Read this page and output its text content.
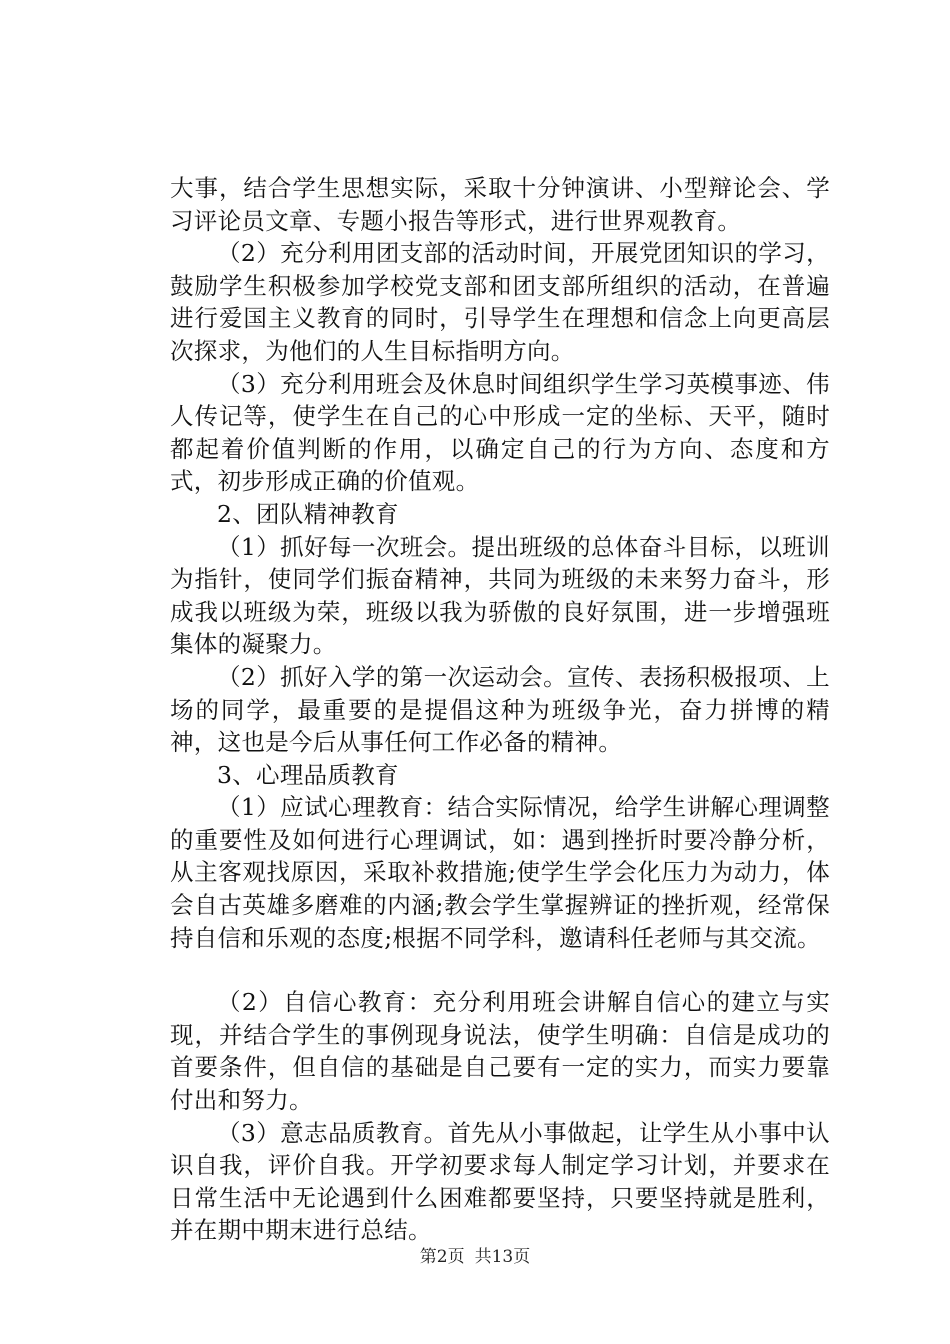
大事，结合学生思想实际，采取十分钟演讲、小型辩论会、学习评论员文章、专题小报告等形式，进行世界观教育。

（2）充分利用团支部的活动时间，开展党团知识的学习，鼓励学生积极参加学校党支部和团支部所组织的活动，在普遍进行爱国主义教育的同时，引导学生在理想和信念上向更高层次探求，为他们的人生目标指明方向。

（3）充分利用班会及休息时间组织学生学习英模事迹、伟人传记等，使学生在自己的心中形成一定的坐标、天平，随时都起着价值判断的作用，以确定自己的行为方向、态度和方式，初步形成正确的价值观。

2、团队精神教育

（1）抓好每一次班会。提出班级的总体奋斗目标，以班训为指针，使同学们振奋精神，共同为班级的未来努力奋斗，形成我以班级为荣，班级以我为骄傲的良好氛围，进一步增强班集体的凝聚力。

（2）抓好入学的第一次运动会。宣传、表扬积极报项、上场的同学，最重要的是提倡这种为班级争光，奋力拼博的精神，这也是今后从事任何工作必备的精神。

3、心理品质教育

（1）应试心理教育：结合实际情况，给学生讲解心理调整的重要性及如何进行心理调试，如：遇到挫折时要冷静分析，从主客观找原因，采取补救措施;使学生学会化压力为动力，体会自古英雄多磨难的内涵;教会学生掌握辨证的挫折观，经常保持自信和乐观的态度;根据不同学科，邀请科任老师与其交流。

（2）自信心教育：充分利用班会讲解自信心的建立与实现，并结合学生的事例现身说法，使学生明确：自信是成功的首要条件，但自信的基础是自己要有一定的实力，而实力要靠付出和努力。

（3）意志品质教育。首先从小事做起，让学生从小事中认识自我，评价自我。开学初要求每人制定学习计划，并要求在日常生活中无论遇到什么困难都要坚持，只要坚持就是胜利，并在期中期末进行总结。

第2页 共13页
